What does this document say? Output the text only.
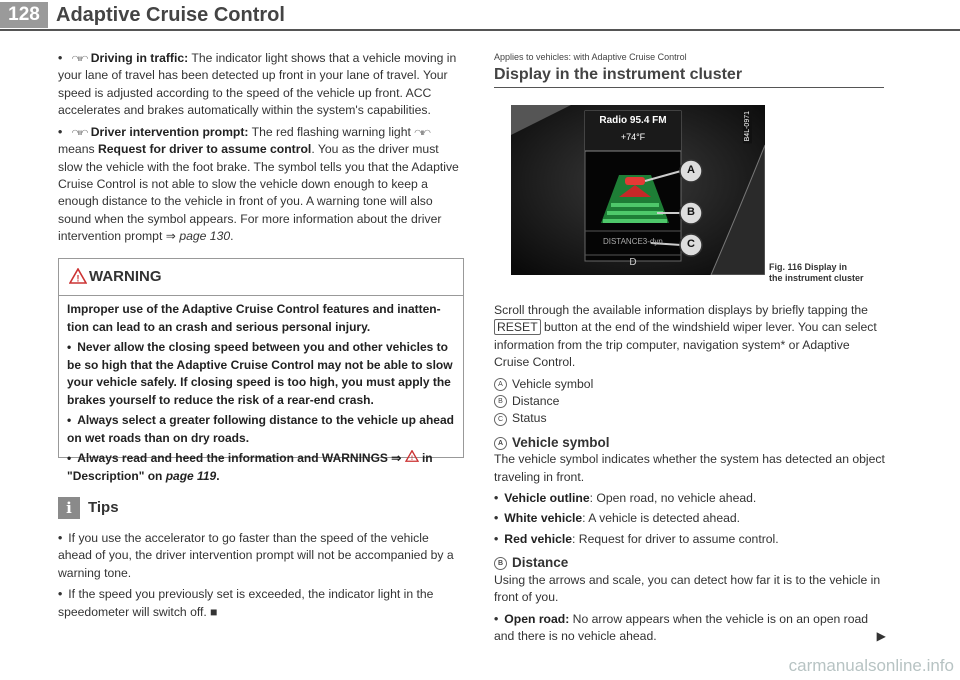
128 Adaptive Cruise Control

• ◠ııı◠ Driving in traffic: The indicator light shows that a vehicle moving in your lane of travel has been detected up front in your lane of travel. Your speed is adjusted according to the speed of the vehicle up front. ACC accelerates and brakes automatically within the system's capabilities.

• ◠ııı◠ Driver intervention prompt: The red flashing warning light ◠ııı◠ means Request for driver to assume control. You as the driver must slow the vehicle with the foot brake. The symbol tells you that the Adaptive Cruise Control is not able to slow the vehicle down enough to keep a enough distance to the vehicle in front of you. A warning tone will also sound when the symbol appears. For more information about the driver intervention prompt ⇒ page 130.

! WARNING

Improper use of the Adaptive Cruise Control features and inatten- tion can lead to an crash and serious personal injury.

• Never allow the closing speed between you and other vehicles to be so high that the Adaptive Cruise Control may not be able to slow your vehicle safely. If closing speed is too high, you must apply the brakes yourself to reduce the risk of a rear-end crash.

• Always select a greater following distance to the vehicle up ahead on wet roads than on dry roads.

• Always read and heed the information and WARNINGS ⇒ ! in "Description" on page 119.

i Tips

• If you use the accelerator to go faster than the speed of the vehicle ahead of you, the driver intervention prompt will not be accompanied by a warning tone.

• If the speed you previously set is exceeded, the indicator light in the speedometer will switch off. ■

Applies to vehicles: with Adaptive Cruise Control
Display in the instrument cluster
Radio 95.4 FM
+74°F
DISTANCE3-dyn.
D
A
B
C
B4L-0971
Fig. 116 Display in
the instrument cluster

Scroll through the available information displays by briefly tapping the RESET button at the end of the windshield wiper lever. You can select information from the trip computer, navigation system* or Adaptive Cruise Control.

A Vehicle symbol

B Distance

C Status

A Vehicle symbol

The vehicle symbol indicates whether the system has detected an object traveling in front.

• Vehicle outline: Open road, no vehicle ahead.

• White vehicle: A vehicle is detected ahead.

• Red vehicle: Request for driver to assume control.

B Distance

Using the arrows and scale, you can detect how far it is to the vehicle in front of you.

• Open road: No arrow appears when the vehicle is on an open road and there is no vehicle ahead.	▶

carmanualsonline.info
